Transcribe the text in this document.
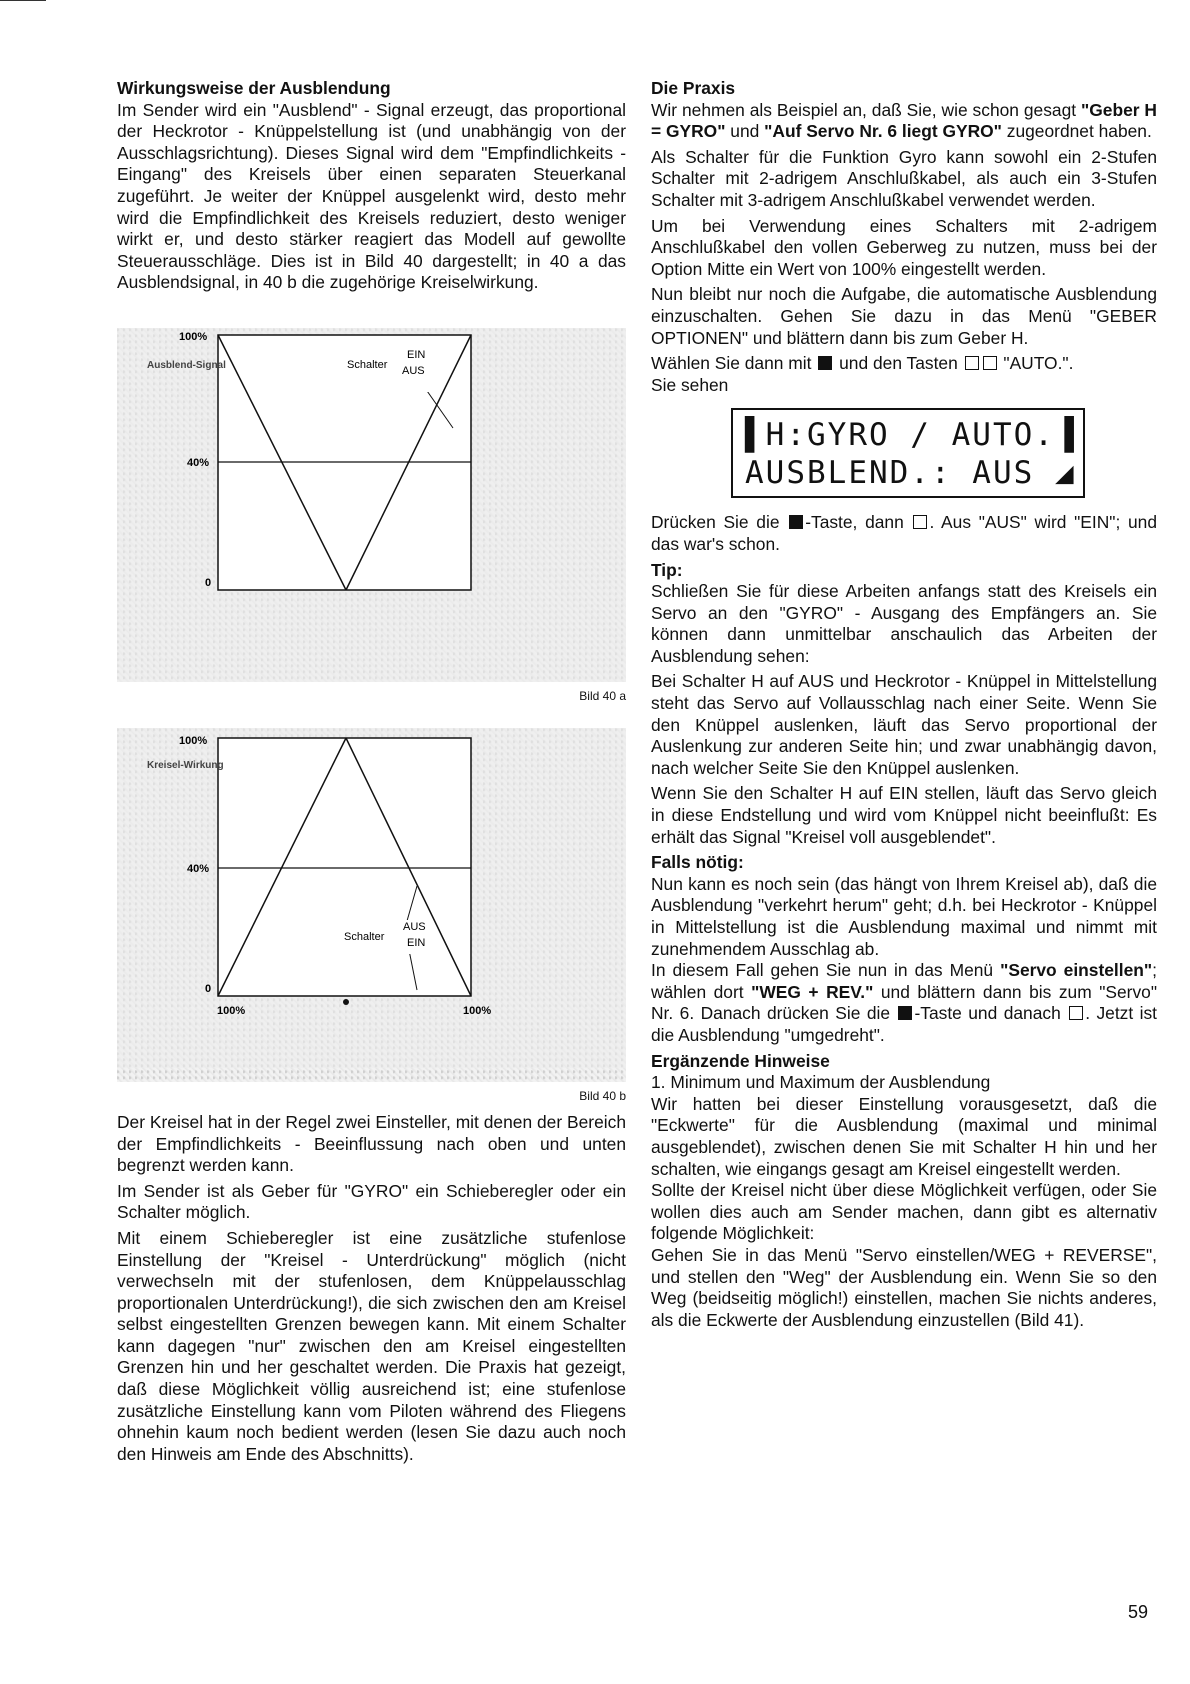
Wirkungsweise der Ausblendung

Im Sender wird ein "Ausblend" - Signal erzeugt, das proportional der Heckrotor - Knüppelstellung ist (und unabhängig von der Ausschlagsrichtung). Dieses Signal wird dem "Empfindlichkeits - Eingang" des Kreisels über einen separaten Steuerkanal zugeführt. Je weiter der Knüppel ausgelenkt wird, desto mehr wird die Empfindlichkeit des Kreisels reduziert, desto weniger wirkt er, und desto stärker reagiert das Modell auf gewollte Steuerausschläge. Dies ist in Bild 40 dargestellt; in 40 a das Ausblendsignal, in 40 b die zugehörige Kreiselwirkung.

Schalter
EIN
AUS
100%
40%
0
Ausblend-Signal
Bild 40 a
Schalter
AUS
EIN
100%
40%
0
100%	100%
Kreisel-Wirkung
Bild 40 b

Der Kreisel hat in der Regel zwei Einsteller, mit denen der Bereich der Empfindlichkeits - Beeinflussung nach oben und unten begrenzt werden kann.

Im Sender ist als Geber für "GYRO" ein Schieberegler oder ein Schalter möglich.

Mit einem Schieberegler ist eine zusätzliche stufenlose Einstellung der "Kreisel - Unterdrückung" möglich (nicht verwechseln mit der stufenlosen, dem Knüppelausschlag proportionalen Unterdrückung!), die sich zwischen den am Kreisel selbst eingestellten Grenzen bewegen kann. Mit einem Schalter kann dagegen "nur" zwischen den am Kreisel eingestellten Grenzen hin und her geschaltet werden. Die Praxis hat gezeigt, daß diese Möglichkeit völlig ausreichend ist; eine stufenlose zusätzliche Einstellung kann vom Piloten während des Fliegens ohnehin kaum noch bedient werden (lesen Sie dazu auch noch den Hinweis am Ende des Abschnitts).

Die Praxis

Wir nehmen als Beispiel an, daß Sie, wie schon gesagt "Geber H = GYRO" und "Auf Servo Nr. 6 liegt GYRO" zugeordnet haben.

Als Schalter für die Funktion Gyro kann sowohl ein 2-Stufen Schalter mit 2-adrigem Anschlußkabel, als auch ein 3-Stufen Schalter mit 3-adrigem Anschlußkabel verwendet werden.

Um bei Verwendung eines Schalters mit 2-adrigem Anschlußkabel den vollen Geberweg zu nutzen, muss bei der Option Mitte ein Wert von 100% eingestellt werden.

Nun bleibt nur noch die Aufgabe, die automatische Ausblendung einzuschalten. Gehen Sie dazu in das Menü "GEBER OPTIONEN" und blättern dann bis zum Geber H.

Wählen Sie dann mit  und den Tasten  "AUTO.".

Sie sehen

▌H:GYRO ∕ AUTO.▐
AUSBLEND.: AUS ◢

Drücken Sie die -Taste, dann . Aus "AUS" wird "EIN"; und das war's schon.

Tip:

Schließen Sie für diese Arbeiten anfangs statt des Kreisels ein Servo an den "GYRO" - Ausgang des Empfängers an. Sie können dann unmittelbar anschaulich das Arbeiten der Ausblendung sehen:

Bei Schalter H auf AUS und Heckrotor - Knüppel in Mittelstellung steht das Servo auf Vollausschlag nach einer Seite. Wenn Sie den Knüppel auslenken, läuft das Servo proportional der Auslenkung zur anderen Seite hin; und zwar unabhängig davon, nach welcher Seite Sie den Knüppel auslenken.

Wenn Sie den Schalter H auf EIN stellen, läuft das Servo gleich in diese Endstellung und wird vom Knüppel nicht beeinflußt: Es erhält das Signal "Kreisel voll ausgeblendet".

Falls nötig:

Nun kann es noch sein (das hängt von Ihrem Kreisel ab), daß die Ausblendung "verkehrt herum" geht; d.h. bei Heckrotor - Knüppel in Mittelstellung ist die Ausblendung maximal und nimmt mit zunehmendem Ausschlag ab.

In diesem Fall gehen Sie nun in das Menü "Servo einstellen"; wählen dort "WEG + REV." und blättern dann bis zum "Servo" Nr. 6. Danach drücken Sie die -Taste und danach . Jetzt ist die Ausblendung "umgedreht".

Ergänzende Hinweise

1. Minimum und Maximum der Ausblendung

Wir hatten bei dieser Einstellung vorausgesetzt, daß die "Eckwerte" für die Ausblendung (maximal und minimal ausgeblendet), zwischen denen Sie mit Schalter H hin und her schalten, wie eingangs gesagt am Kreisel eingestellt werden.

Sollte der Kreisel nicht über diese Möglichkeit verfügen, oder Sie wollen dies auch am Sender machen, dann gibt es alternativ folgende Möglichkeit:

Gehen Sie in das Menü "Servo einstellen/WEG + REVERSE", und stellen den "Weg" der Ausblendung ein. Wenn Sie so den Weg (beidseitig möglich!) einstellen, machen Sie nichts anderes, als die Eckwerte der Ausblendung einzustellen (Bild 41).

59
